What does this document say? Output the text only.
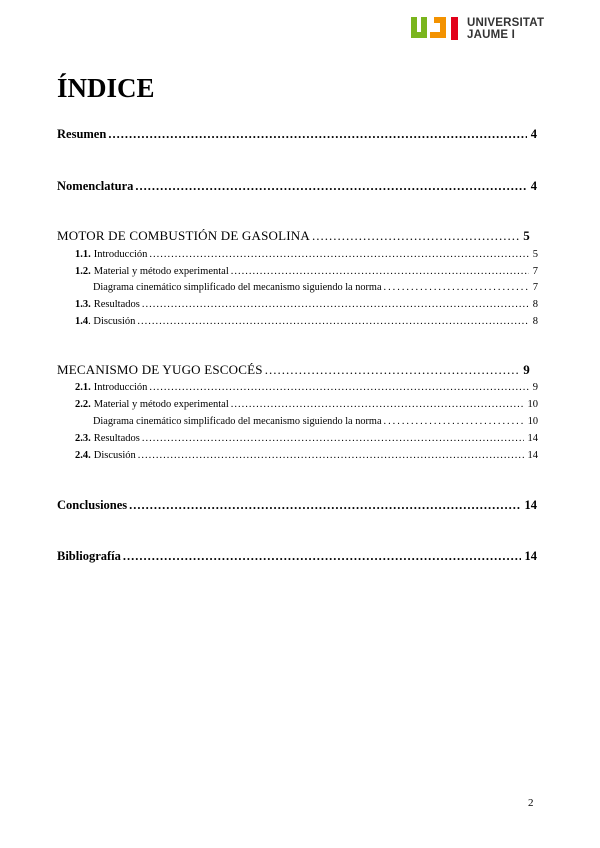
UNIVERSITAT
JAUME I
ÍNDICE
Resumen .....	4
Nomenclatura .....	4
MOTOR DE COMBUSTIÓN DE GASOLINA .....	5
1.1. Introducción .....	5
1.2. Material y método experimental .....	7
Diagrama cinemático simplificado del mecanismo siguiendo la norma .....	7
1.3. Resultados .....	8
1.4 . Discusión .....	8
MECANISMO DE YUGO ESCOCÉS .....	9
2.1. Introducción .....	9
2.2. Material y método experimental .....	10
Diagrama cinemático simplificado del mecanismo siguiendo la norma .....	10
2.3. Resultados .....	14
2.4. Discusión .....	14
Conclusiones .....	14
Bibliografía .....	14
2
